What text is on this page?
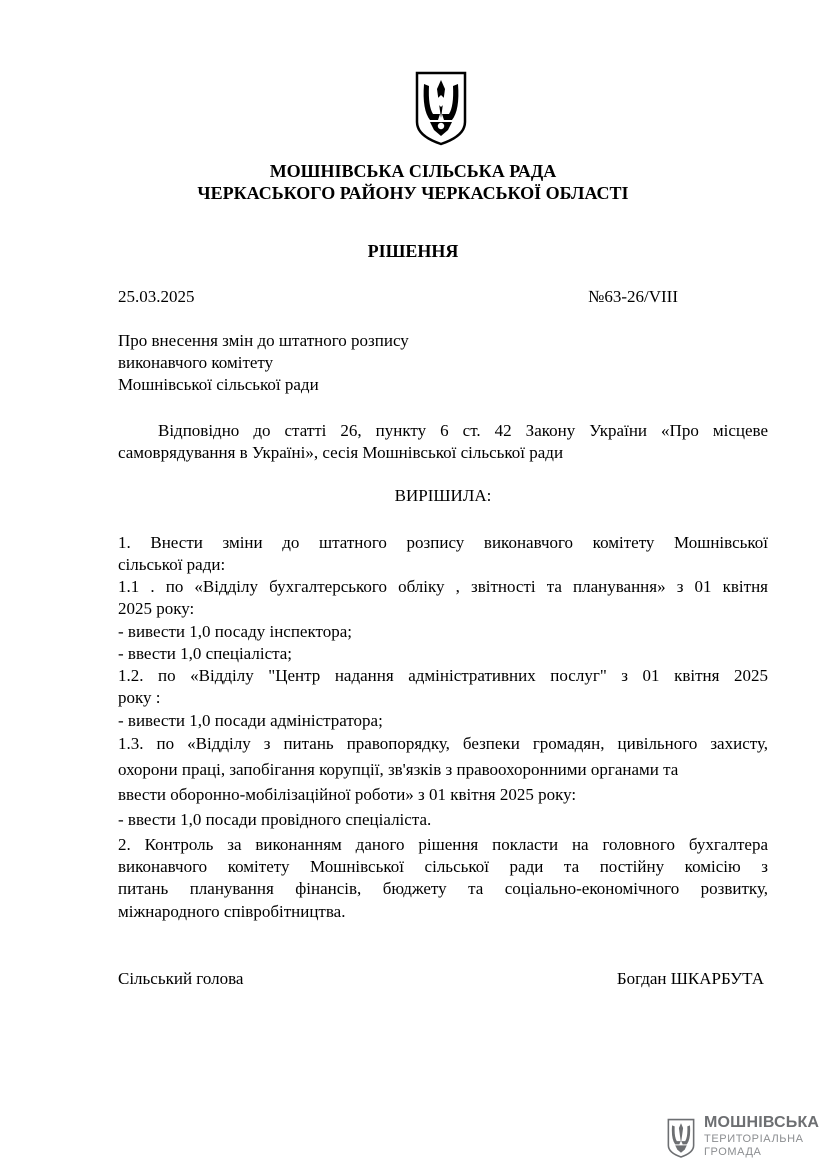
МОШНІВСЬКА СІЛЬСЬКА РАДА
ЧЕРКАСЬКОГО РАЙОНУ ЧЕРКАСЬКОЇ ОБЛАСТІ
РІШЕННЯ
25.03.2025	№63-26/VIII
Про внесення змін до штатного розпису
виконавчого комітету
Мошнівської сільської ради
Відповідно до статті 26, пункту 6 ст. 42 Закону України «Про місцеве
самоврядування в Україні», сесія Мошнівської сільської ради
ВИРІШИЛА:
1. Внести зміни до штатного розпису виконавчого комітету Мошнівської
сільської ради:
1.1 . по «Відділу бухгалтерського обліку , звітності та планування» з 01 квітня
2025 року:
- вивести 1,0 посаду інспектора;
- ввести 1,0 спеціаліста;
1.2. по «Відділу "Центр надання адміністративних послуг" з 01 квітня 2025
року :
- вивести 1,0 посади адміністратора;
1.3. по «Відділу з питань правопорядку, безпеки громадян, цивільного захисту,
охорони праці, запобігання корупції, зв'язків з правоохоронними органами та
ввести оборонно-мобілізаційної роботи» з 01 квітня 2025 року:
- ввести 1,0 посади провідного спеціаліста.
2. Контроль за виконанням даного рішення покласти на головного бухгалтера
виконавчого комітету Мошнівської сільської ради та постійну комісію з
питань планування фінансів, бюджету та соціально-економічного розвитку,
міжнародного співробітництва.
Сільський голова	Богдан ШКАРБУТА
МОШНІВСЬКА
ТЕРИТОРІАЛЬНА
ГРОМАДА
